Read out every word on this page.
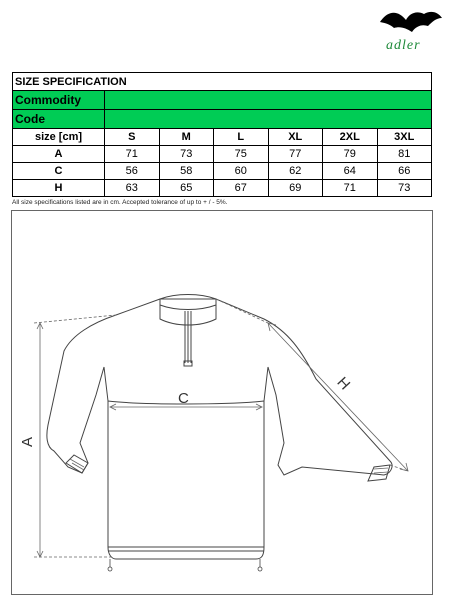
adler
SIZE SPECIFICATION						
Commodity						
Code						
size [cm]	S	M	L	XL	2XL	3XL
A	71	73	75	77	79	81
C	56	58	60	62	64	66
H	63	65	67	69	71	73
All size specifications listed are in cm. Accepted tolerance of up to + / - 5%.
A
C
H
